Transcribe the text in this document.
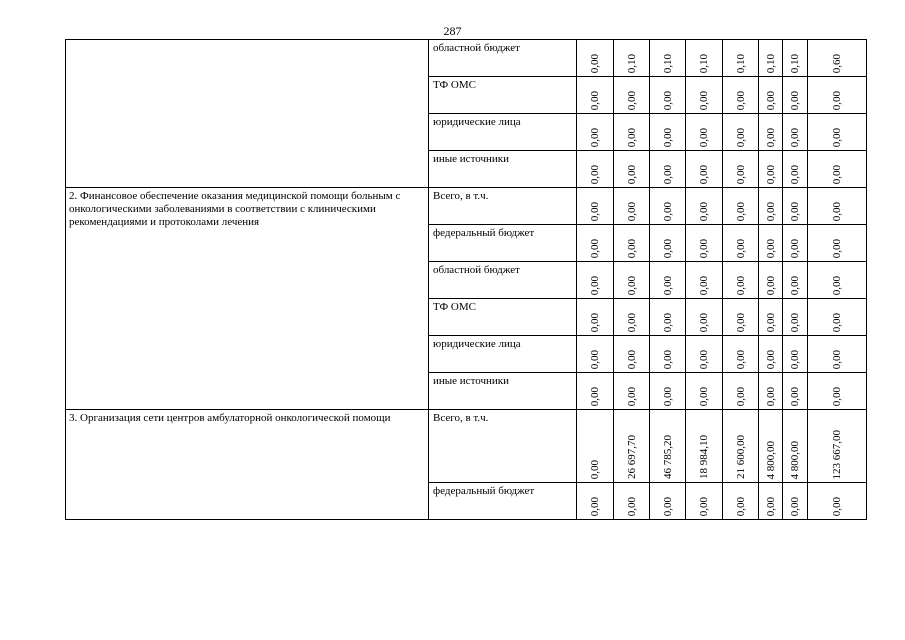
287
	областной бюджет	0,00	0,10	0,10	0,10	0,10	0,10	0,10	0,60
	ТФ ОМС	0,00	0,00	0,00	0,00	0,00	0,00	0,00	0,00
	юридические лица	0,00	0,00	0,00	0,00	0,00	0,00	0,00	0,00
	иные источники	0,00	0,00	0,00	0,00	0,00	0,00	0,00	0,00
2. Финансовое обеспечение оказания медицинской помощи больным с онкологическими заболеваниями в соответствии с клиническими рекомендациями и протоколами лечения	Всего, в т.ч.	0,00	0,00	0,00	0,00	0,00	0,00	0,00	0,00
	федеральный бюджет	0,00	0,00	0,00	0,00	0,00	0,00	0,00	0,00
	областной бюджет	0,00	0,00	0,00	0,00	0,00	0,00	0,00	0,00
	ТФ ОМС	0,00	0,00	0,00	0,00	0,00	0,00	0,00	0,00
	юридические лица	0,00	0,00	0,00	0,00	0,00	0,00	0,00	0,00
	иные источники	0,00	0,00	0,00	0,00	0,00	0,00	0,00	0,00
3. Организация сети центров амбулаторной онкологической помощи	Всего, в т.ч.	0,00	26 697,70	46 785,20	18 984,10	21 600,00	4 800,00	4 800,00	123 667,00
	федеральный бюджет	0,00	0,00	0,00	0,00	0,00	0,00	0,00	0,00
